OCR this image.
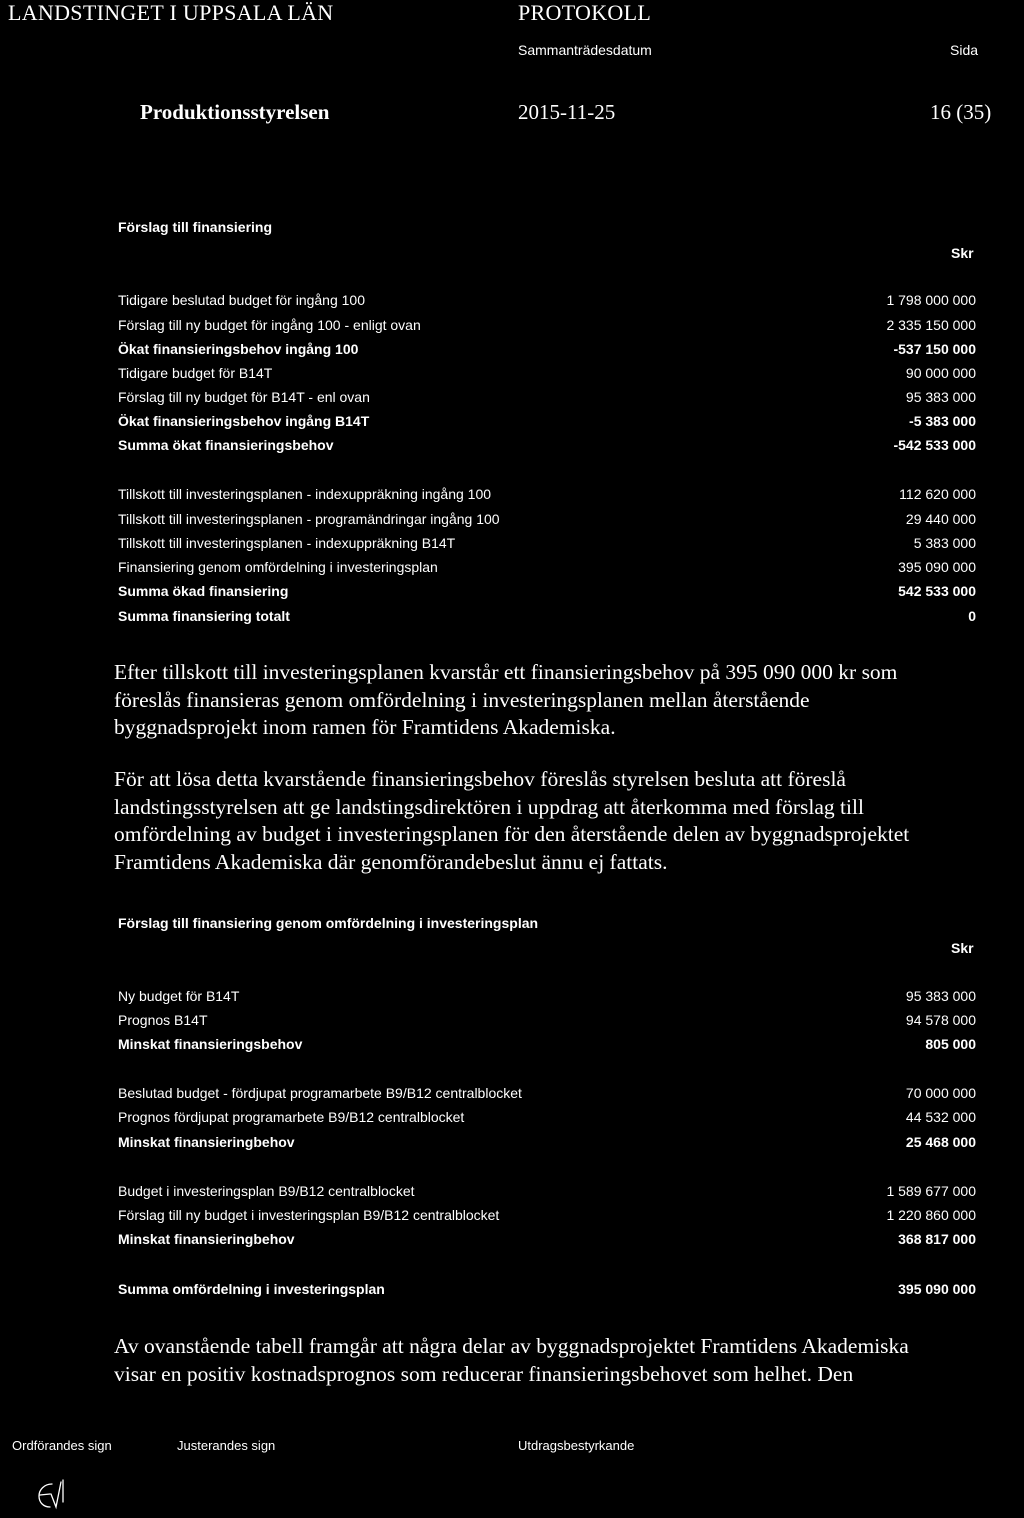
LANDSTINGET I UPPSALA LÄN	PROTOKOLL
Sammanträdesdatum	Sida
Produktionsstyrelsen	2015-11-25	16 (35)
Förslag till finansiering
Skr
Tidigare beslutad budget för ingång 100	1 798 000 000
Förslag till ny budget för ingång 100 - enligt ovan	2 335 150 000
Ökat finansieringsbehov ingång 100	-537 150 000
Tidigare budget för B14T	90 000 000
Förslag till ny budget för B14T - enl ovan	95 383 000
Ökat finansieringsbehov ingång B14T	-5 383 000
Summa ökat finansieringsbehov	-542 533 000
Tillskott till investeringsplanen - indexuppräkning ingång 100	112 620 000
Tillskott till investeringsplanen - programändringar ingång 100	29 440 000
Tillskott till investeringsplanen - indexuppräkning B14T	5 383 000
Finansiering genom omfördelning i investeringsplan	395 090 000
Summa ökad finansiering	542 533 000
Summa finansiering totalt	0
Efter tillskott till investeringsplanen kvarstår ett finansieringsbehov på 395 090 000 kr som
föreslås finansieras genom omfördelning i investeringsplanen mellan återstående
byggnadsprojekt inom ramen för Framtidens Akademiska.
För att lösa detta kvarstående finansieringsbehov föreslås styrelsen besluta att föreslå
landstingsstyrelsen att ge landstingsdirektören i uppdrag att återkomma med förslag till
omfördelning av budget i investeringsplanen för den återstående delen av byggnadsprojektet
Framtidens Akademiska där genomförandebeslut ännu ej fattats.
Förslag till finansiering genom omfördelning i investeringsplan
Skr
Ny budget för B14T	95 383 000
Prognos B14T	94 578 000
Minskat finansieringsbehov	805 000
Beslutad budget - fördjupat programarbete B9/B12 centralblocket	70 000 000
Prognos fördjupat programarbete B9/B12 centralblocket	44 532 000
Minskat finansieringbehov	25 468 000
Budget i investeringsplan B9/B12 centralblocket	1 589 677 000
Förslag till ny budget i investeringsplan B9/B12 centralblocket	1 220 860 000
Minskat finansieringbehov	368 817 000
Summa omfördelning i investeringsplan	395 090 000
Av ovanstående tabell framgår att några delar av byggnadsprojektet Framtidens Akademiska
visar en positiv kostnadsprognos som reducerar finansieringsbehovet som helhet. Den
Ordförandes sign	Justerandes sign	Utdragsbestyrkande
